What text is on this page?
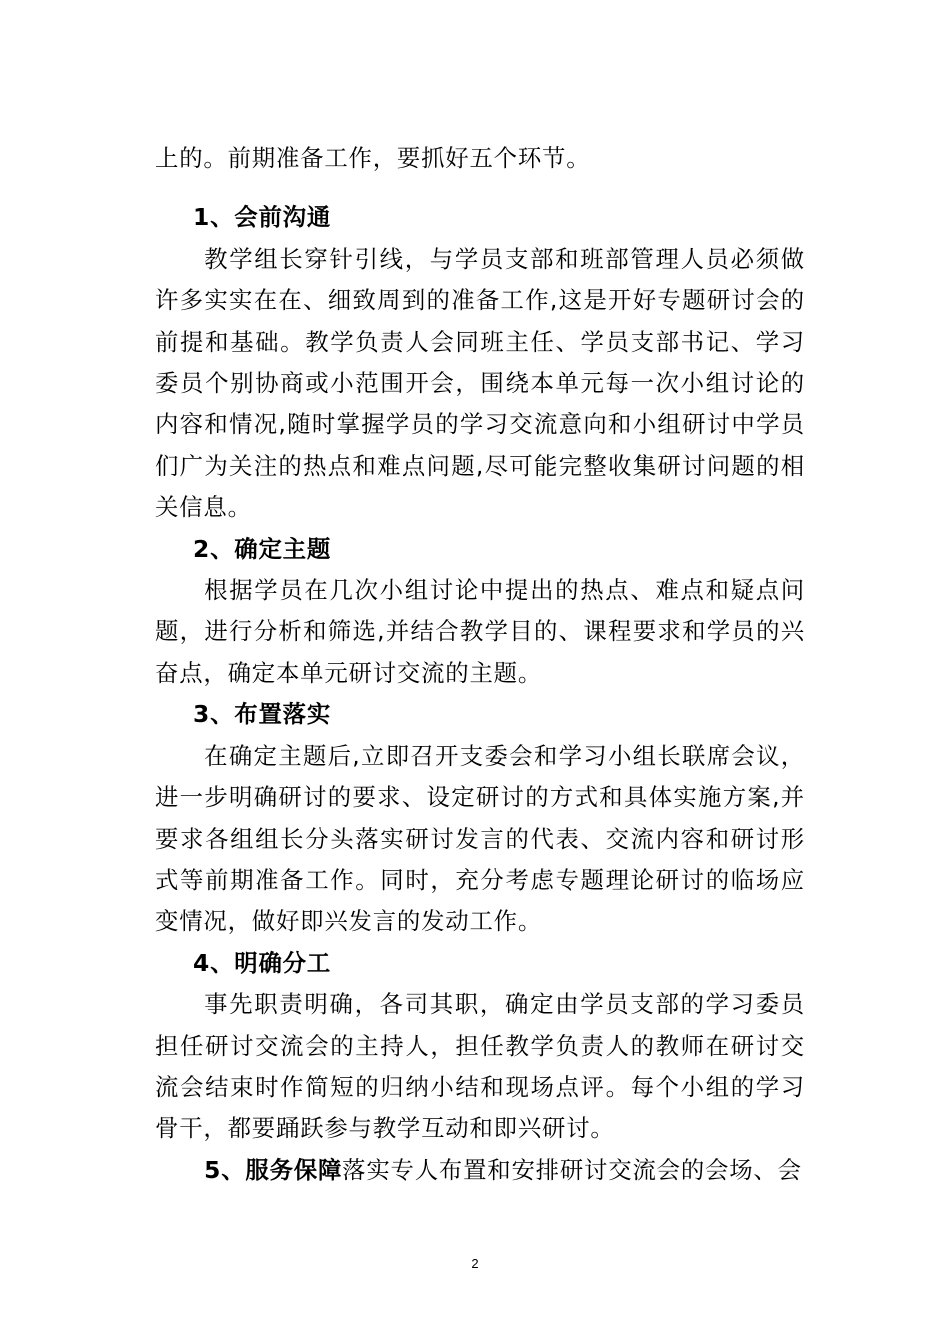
上的。前期准备工作，要抓好五个环节。

1、会前沟通

教学组长穿针引线，与学员支部和班部管理人员必须做许多实实在在、细致周到的准备工作,这是开好专题研讨会的前提和基础。教学负责人会同班主任、学员支部书记、学习委员个别协商或小范围开会，围绕本单元每一次小组讨论的内容和情况,随时掌握学员的学习交流意向和小组研讨中学员们广为关注的热点和难点问题,尽可能完整收集研讨问题的相关信息。

2、确定主题

根据学员在几次小组讨论中提出的热点、难点和疑点问题，进行分析和筛选,并结合教学目的、课程要求和学员的兴奋点，确定本单元研讨交流的主题。

3、布置落实

在确定主题后,立即召开支委会和学习小组长联席会议，进一步明确研讨的要求、设定研讨的方式和具体实施方案,并要求各组组长分头落实研讨发言的代表、交流内容和研讨形式等前期准备工作。同时，充分考虑专题理论研讨的临场应变情况，做好即兴发言的发动工作。

4、明确分工

事先职责明确，各司其职，确定由学员支部的学习委员担任研讨交流会的主持人，担任教学负责人的教师在研讨交流会结束时作简短的归纳小结和现场点评。每个小组的学习骨干，都要踊跃参与教学互动和即兴研讨。

5、服务保障落实专人布置和安排研讨交流会的会场、会

2
